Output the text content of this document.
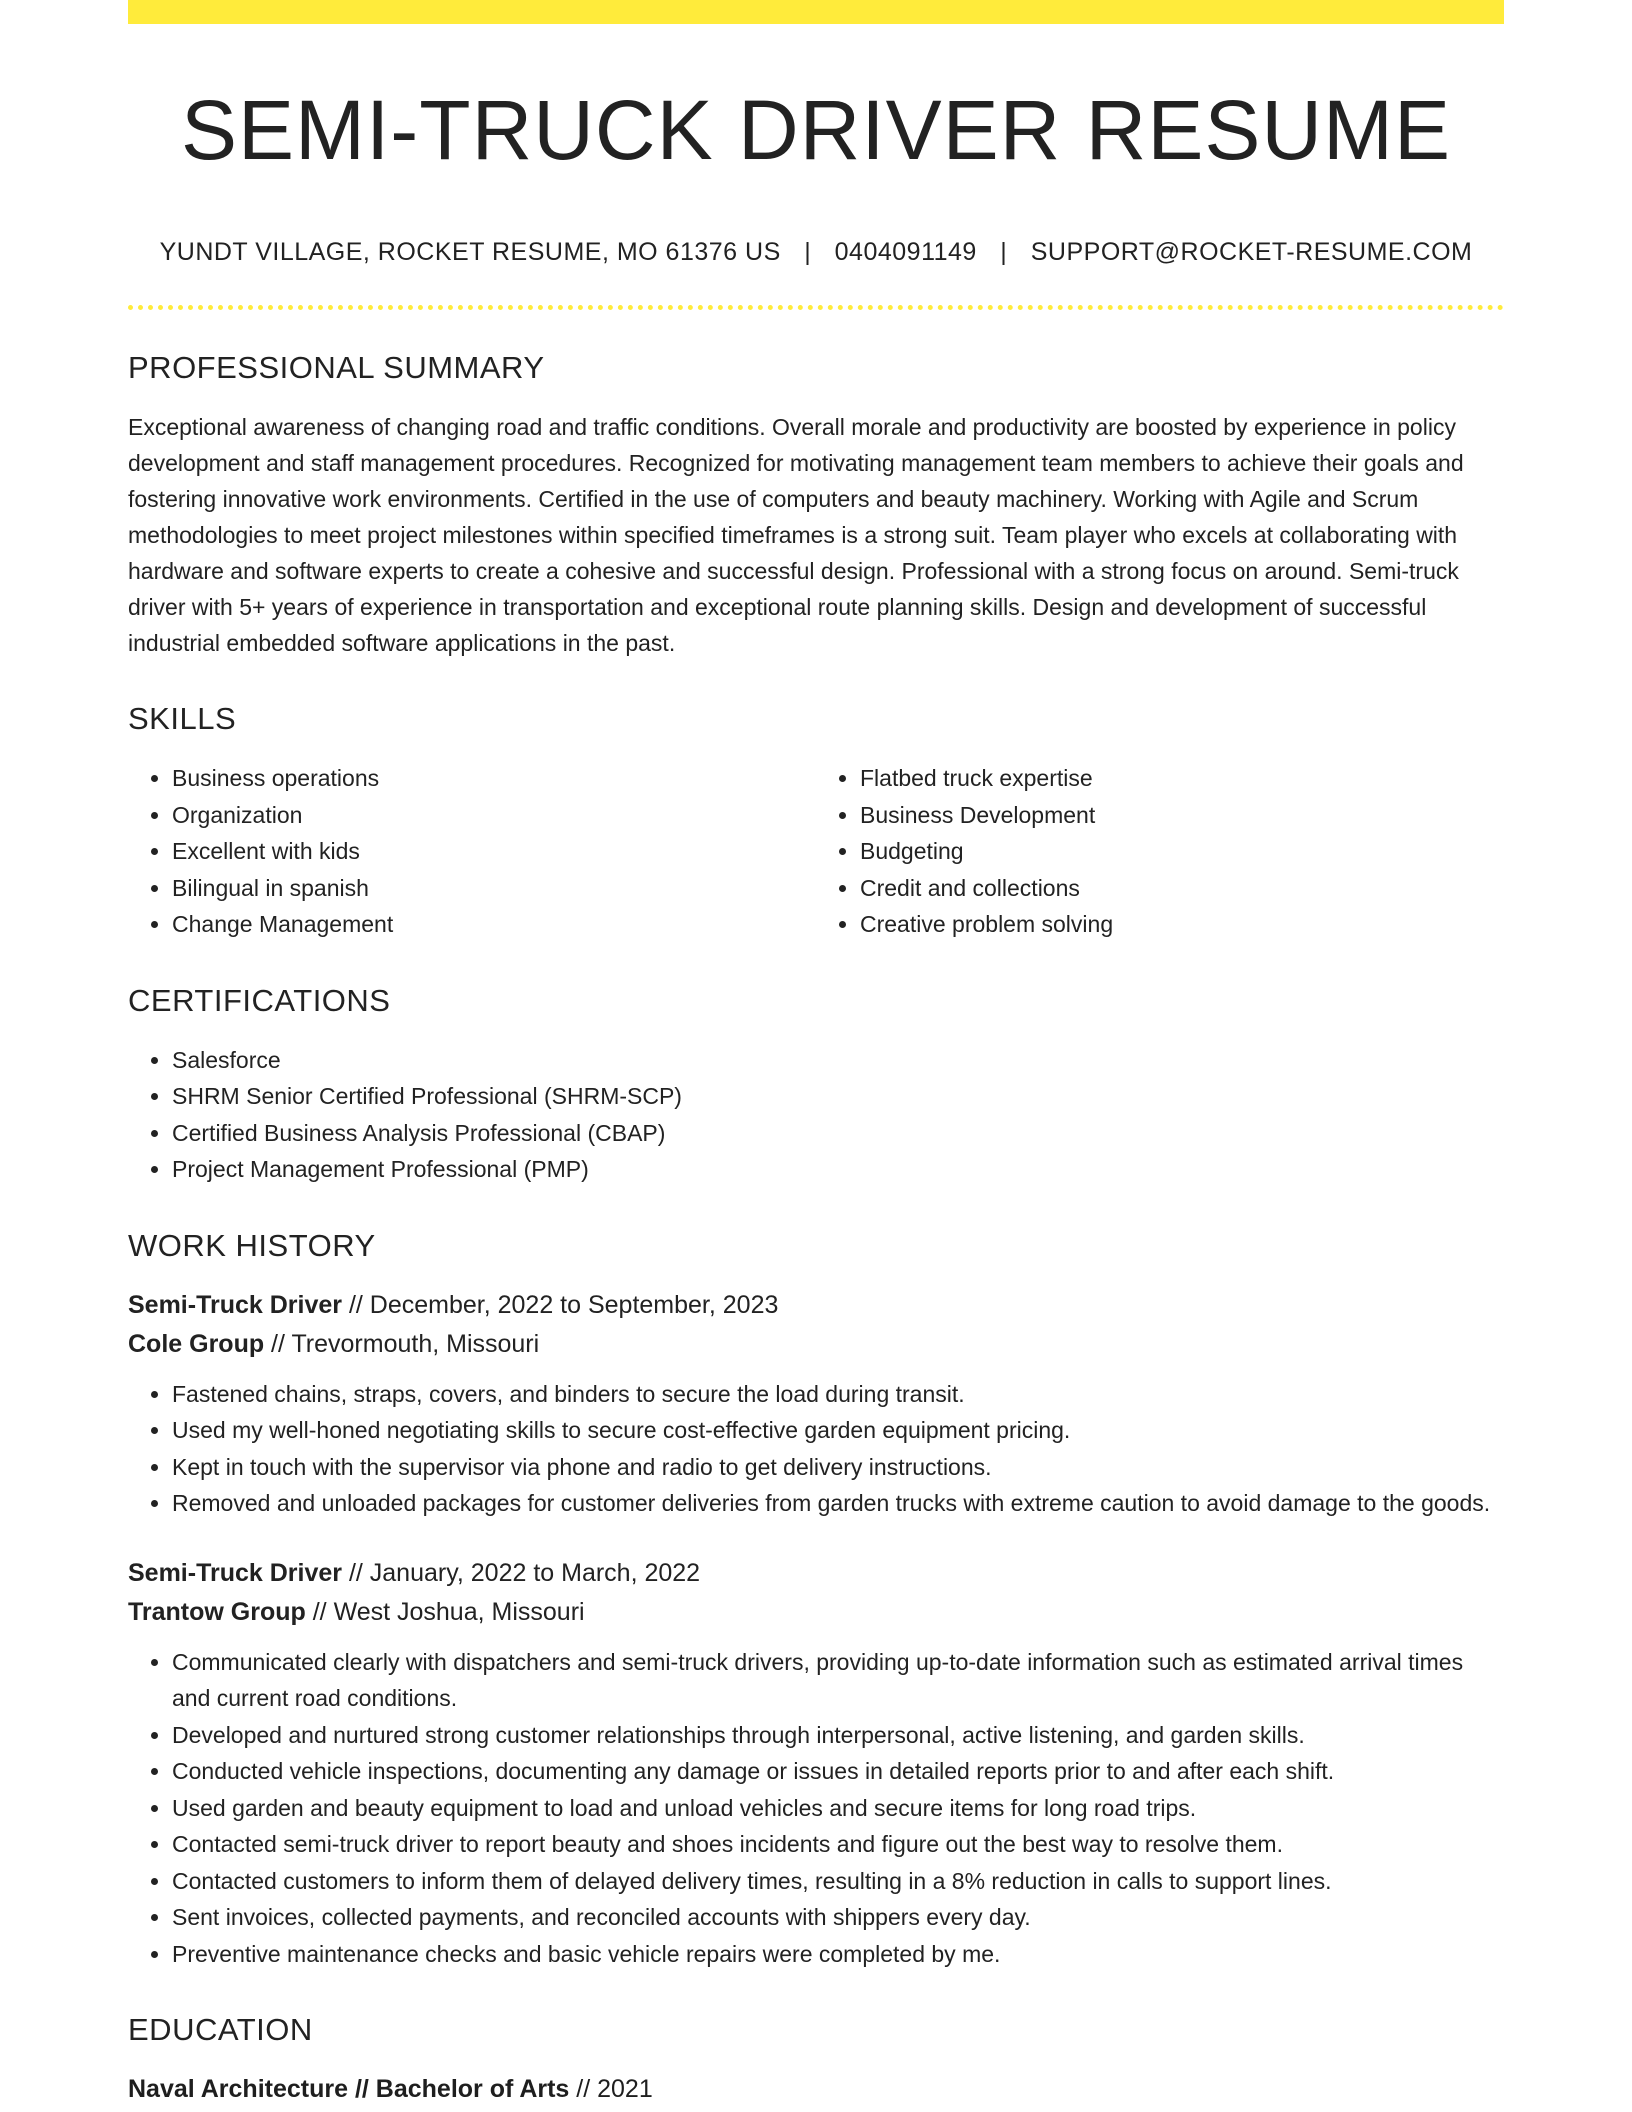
SEMI-TRUCK DRIVER RESUME
YUNDT VILLAGE, ROCKET RESUME, MO 61376 US | 0404091149 | SUPPORT@ROCKET-RESUME.COM
PROFESSIONAL SUMMARY
Exceptional awareness of changing road and traffic conditions. Overall morale and productivity are boosted by experience in policy development and staff management procedures. Recognized for motivating management team members to achieve their goals and fostering innovative work environments. Certified in the use of computers and beauty machinery. Working with Agile and Scrum methodologies to meet project milestones within specified timeframes is a strong suit. Team player who excels at collaborating with hardware and software experts to create a cohesive and successful design. Professional with a strong focus on around. Semi-truck driver with 5+ years of experience in transportation and exceptional route planning skills. Design and development of successful industrial embedded software applications in the past.
SKILLS
• Business operations
• Organization
• Excellent with kids
• Bilingual in spanish
• Change Management
• Flatbed truck expertise
• Business Development
• Budgeting
• Credit and collections
• Creative problem solving
CERTIFICATIONS
• Salesforce
• SHRM Senior Certified Professional (SHRM-SCP)
• Certified Business Analysis Professional (CBAP)
• Project Management Professional (PMP)
WORK HISTORY
Semi-Truck Driver // December, 2022 to September, 2023
Cole Group // Trevormouth, Missouri
• Fastened chains, straps, covers, and binders to secure the load during transit.
• Used my well-honed negotiating skills to secure cost-effective garden equipment pricing.
• Kept in touch with the supervisor via phone and radio to get delivery instructions.
• Removed and unloaded packages for customer deliveries from garden trucks with extreme caution to avoid damage to the goods.
Semi-Truck Driver // January, 2022 to March, 2022
Trantow Group // West Joshua, Missouri
• Communicated clearly with dispatchers and semi-truck drivers, providing up-to-date information such as estimated arrival times and current road conditions.
• Developed and nurtured strong customer relationships through interpersonal, active listening, and garden skills.
• Conducted vehicle inspections, documenting any damage or issues in detailed reports prior to and after each shift.
• Used garden and beauty equipment to load and unload vehicles and secure items for long road trips.
• Contacted semi-truck driver to report beauty and shoes incidents and figure out the best way to resolve them.
• Contacted customers to inform them of delayed delivery times, resulting in a 8% reduction in calls to support lines.
• Sent invoices, collected payments, and reconciled accounts with shippers every day.
• Preventive maintenance checks and basic vehicle repairs were completed by me.
EDUCATION
Naval Architecture // Bachelor of Arts // 2021
